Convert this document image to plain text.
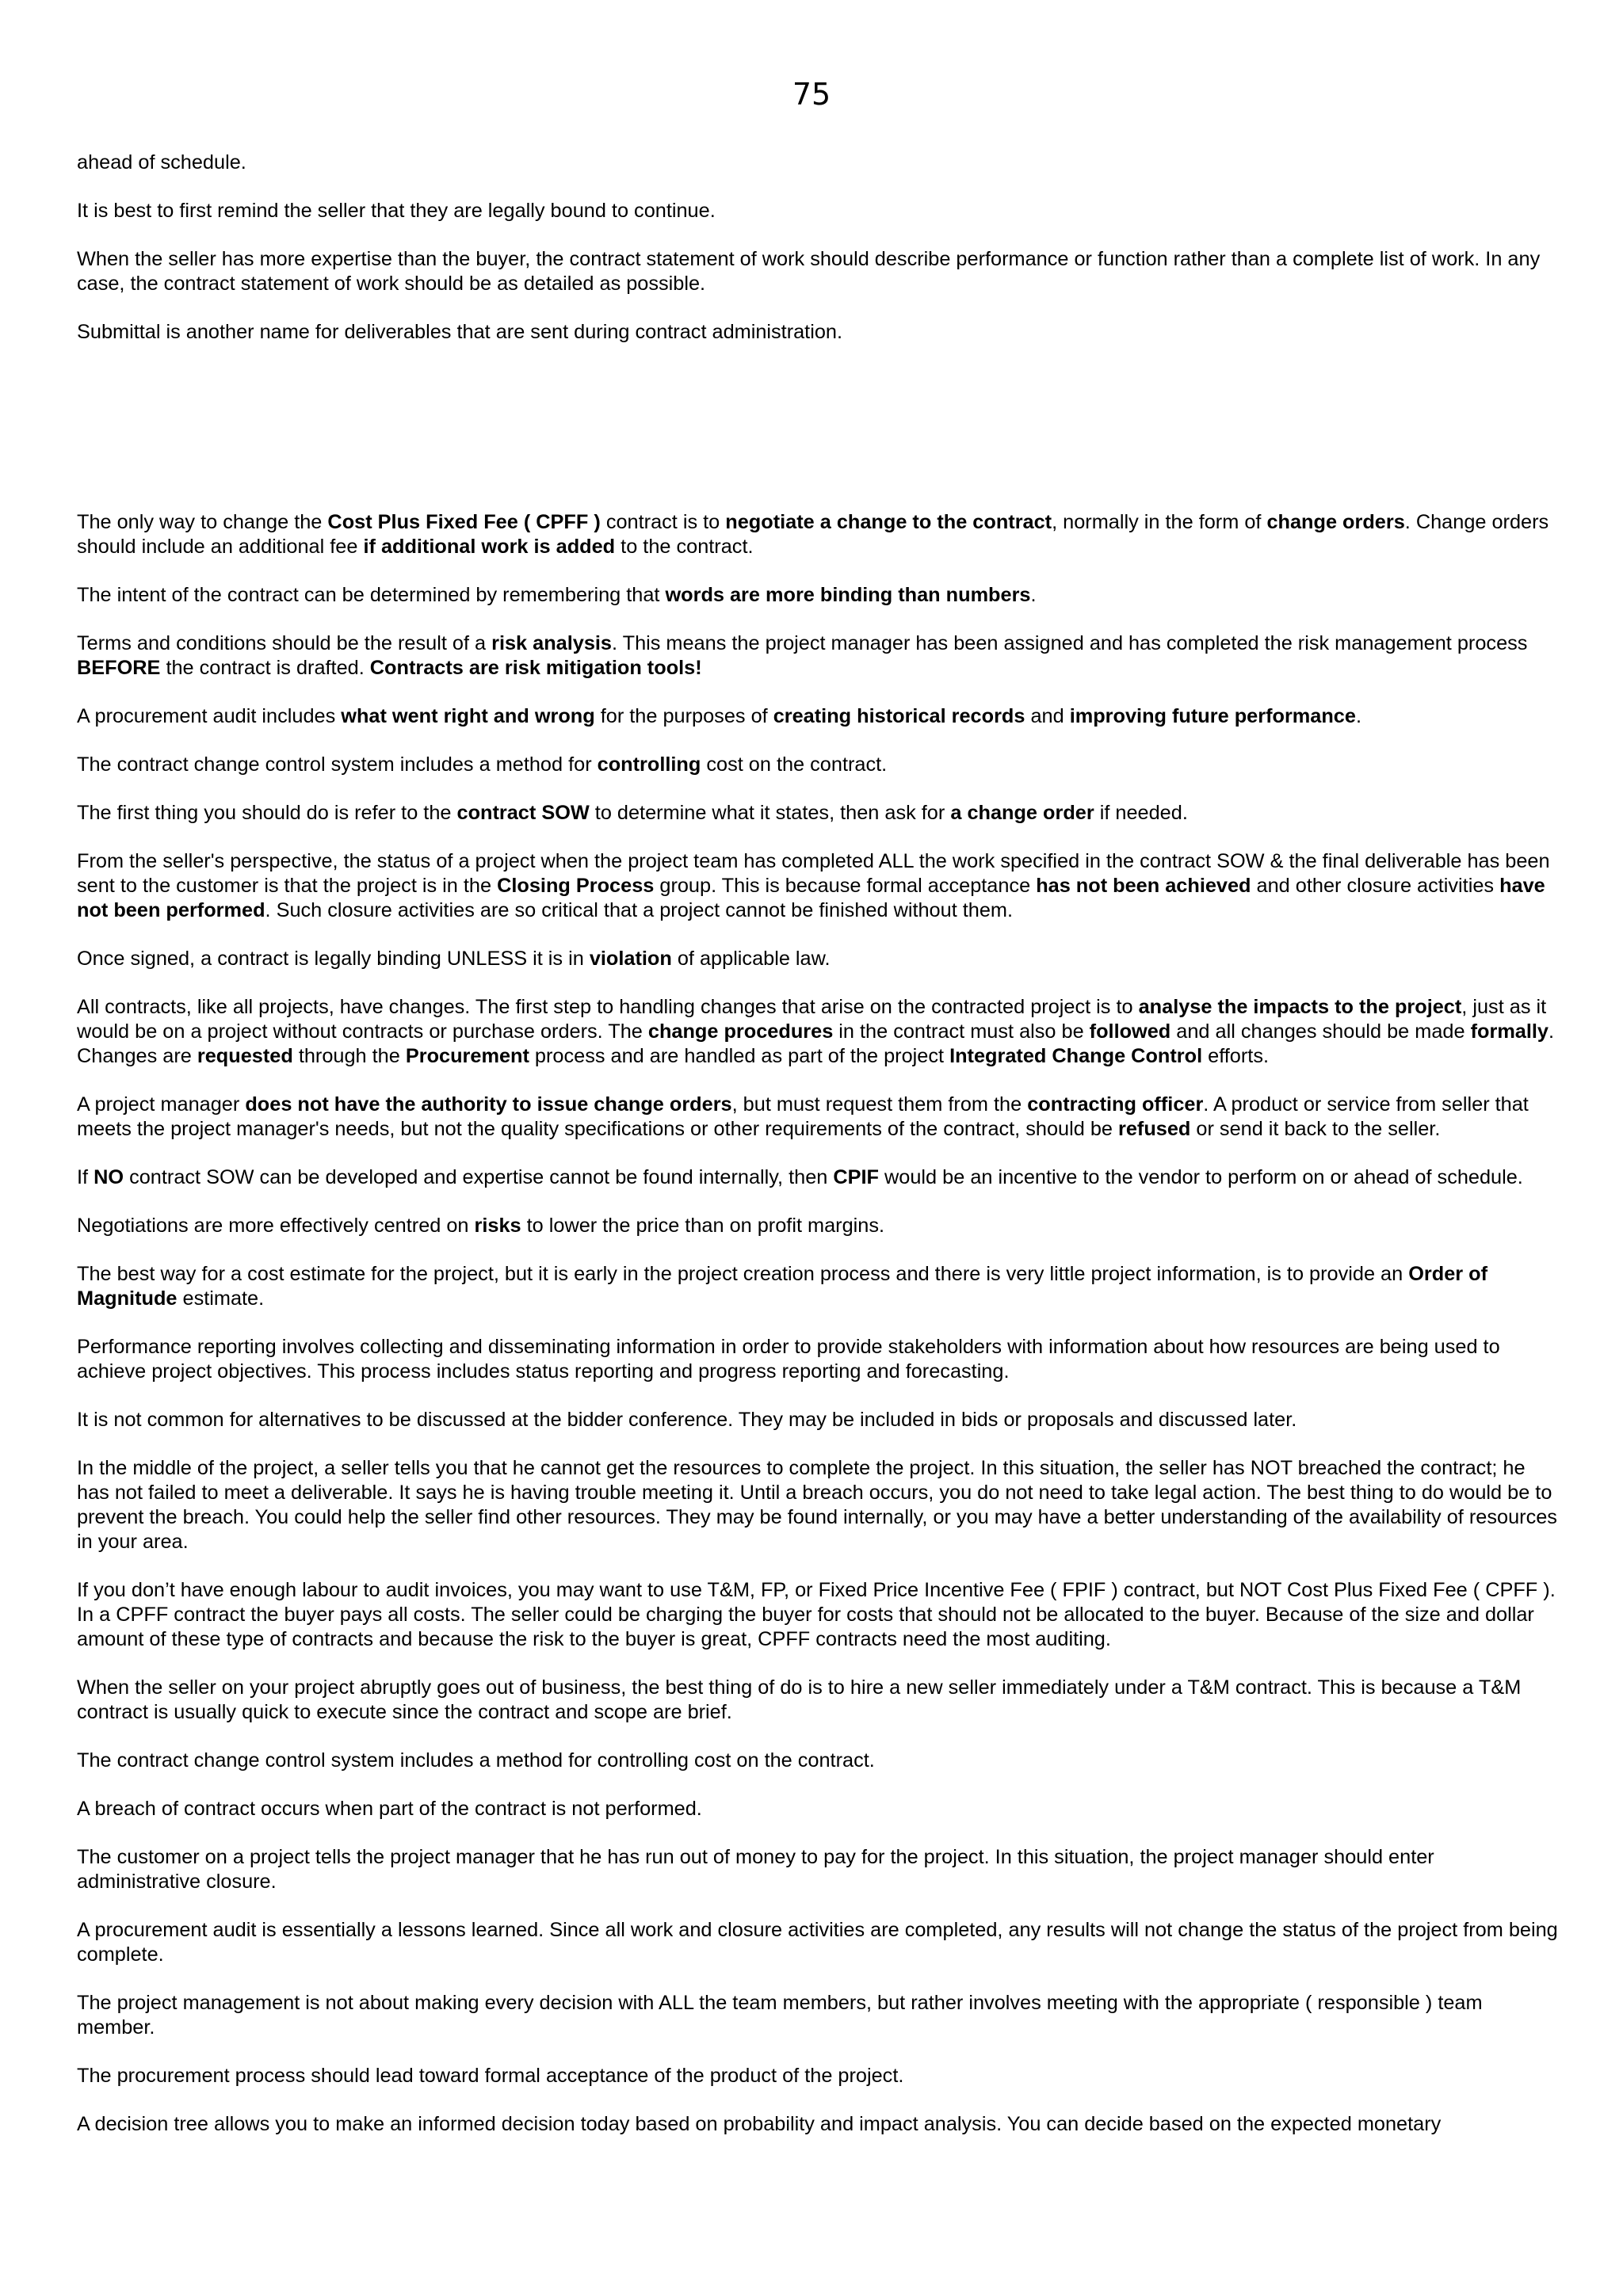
75

ahead of schedule.

It is best to first remind the seller that they are legally bound to continue.

When the seller has more expertise than the buyer, the contract statement of work should describe performance or function rather than a complete list of work. In any case, the contract statement of work should be as detailed as possible.

Submittal is another name for deliverables that are sent during contract administration.

The only way to change the Cost Plus Fixed Fee ( CPFF ) contract is to negotiate a change to the contract, normally in the form of change orders. Change orders should include an additional fee if additional work is added to the contract.

The intent of the contract can be determined by remembering that words are more binding than numbers.

Terms and conditions should be the result of a risk analysis. This means the project manager has been assigned and has completed the risk management process BEFORE the contract is drafted. Contracts are risk mitigation tools!

A procurement audit includes what went right and wrong for the purposes of creating historical records and improving future performance.

The contract change control system includes a method for controlling cost on the contract.

The first thing you should do is refer to the contract SOW to determine what it states, then ask for a change order if needed.

From the seller's perspective, the status of a project when the project team has completed ALL the work specified in the contract SOW & the final deliverable has been sent to the customer is that the project is in the Closing Process group. This is because formal acceptance has not been achieved and other closure activities have not been performed. Such closure activities are so critical that a project cannot be finished without them.

Once signed, a contract is legally binding UNLESS it is in violation of applicable law.

All contracts, like all projects, have changes. The first step to handling changes that arise on the contracted project is to analyse the impacts to the project, just as it would be on a project without contracts or purchase orders. The change procedures in the contract must also be followed and all changes should be made formally. Changes are requested through the Procurement process and are handled as part of the project Integrated Change Control efforts.

A project manager does not have the authority to issue change orders, but must request them from the contracting officer. A product or service from seller that meets the project manager's needs, but not the quality specifications or other requirements of the contract, should be refused or send it back to the seller.

If NO contract SOW can be developed and expertise cannot be found internally, then CPIF would be an incentive to the vendor to perform on or ahead of schedule.

Negotiations are more effectively centred on risks to lower the price than on profit margins.

The best way for a cost estimate for the project, but it is early in the project creation process and there is very little project information, is to provide an Order of Magnitude estimate.

Performance reporting involves collecting and disseminating information in order to provide stakeholders with information about how resources are being used to achieve project objectives. This process includes status reporting and progress reporting and forecasting.

It is not common for alternatives to be discussed at the bidder conference. They may be included in bids or proposals and discussed later.

In the middle of the project, a seller tells you that he cannot get the resources to complete the project. In this situation, the seller has NOT breached the contract; he has not failed to meet a deliverable. It says he is having trouble meeting it. Until a breach occurs, you do not need to take legal action. The best thing to do would be to prevent the breach. You could help the seller find other resources. They may be found internally, or you may have a better understanding of the availability of resources in your area.

If you don’t have enough labour to audit invoices, you may want to use T&M, FP, or Fixed Price Incentive Fee ( FPIF ) contract, but NOT Cost Plus Fixed Fee ( CPFF ). In a CPFF contract the buyer pays all costs. The seller could be charging the buyer for costs that should not be allocated to the buyer. Because of the size and dollar amount of these type of contracts and because the risk to the buyer is great, CPFF contracts need the most auditing.

When the seller on your project abruptly goes out of business, the best thing of do is to hire a new seller immediately under a T&M contract. This is because a T&M contract is usually quick to execute since the contract and scope are brief.

The contract change control system includes a method for controlling cost on the contract.

A breach of contract occurs when part of the contract is not performed.

The customer on a project tells the project manager that he has run out of money to pay for the project. In this situation, the project manager should enter administrative closure.

A procurement audit is essentially a lessons learned. Since all work and closure activities are completed, any results will not change the status of the project from being complete.

The project management is not about making every decision with ALL the team members, but rather involves meeting with the appropriate ( responsible ) team member.

The procurement process should lead toward formal acceptance of the product of the project.

A decision tree allows you to make an informed decision today based on probability and impact analysis. You can decide based on the expected monetary
